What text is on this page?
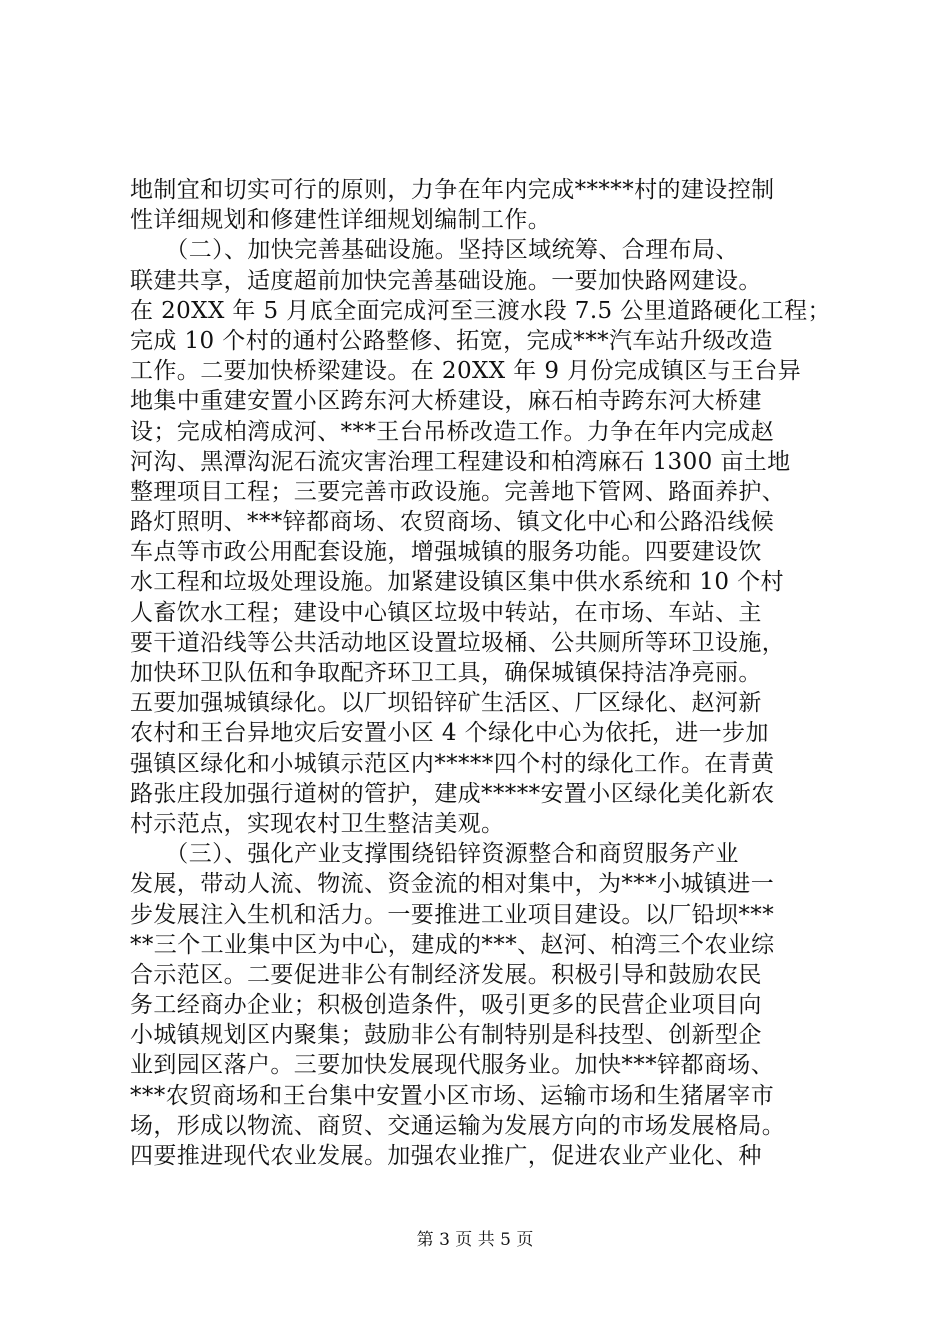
地制宜和切实可行的原则，力争在年内完成*****村的建设控制
性详细规划和修建性详细规划编制工作。
　　（二）、加快完善基础设施。坚持区域统筹、合理布局、
联建共享，适度超前加快完善基础设施。一要加快路网建设。
在 20XX 年 5 月底全面完成河至三渡水段 7.5 公里道路硬化工程；
完成 10 个村的通村公路整修、拓宽，完成***汽车站升级改造
工作。二要加快桥梁建设。在 20XX 年 9 月份完成镇区与王台异
地集中重建安置小区跨东河大桥建设，麻石柏寺跨东河大桥建
设；完成柏湾成河、***王台吊桥改造工作。力争在年内完成赵
河沟、黑潭沟泥石流灾害治理工程建设和柏湾麻石 1300 亩土地
整理项目工程；三要完善市政设施。完善地下管网、路面养护、
路灯照明、***锌都商场、农贸商场、镇文化中心和公路沿线候
车点等市政公用配套设施，增强城镇的服务功能。四要建设饮
水工程和垃圾处理设施。加紧建设镇区集中供水系统和 10 个村
人畜饮水工程；建设中心镇区垃圾中转站，在市场、车站、主
要干道沿线等公共活动地区设置垃圾桶、公共厕所等环卫设施，
加快环卫队伍和争取配齐环卫工具，确保城镇保持洁净亮丽。
五要加强城镇绿化。以厂坝铅锌矿生活区、厂区绿化、赵河新
农村和王台异地灾后安置小区 4 个绿化中心为依托，进一步加
强镇区绿化和小城镇示范区内*****四个村的绿化工作。在青黄
路张庄段加强行道树的管护，建成*****安置小区绿化美化新农
村示范点，实现农村卫生整洁美观。
　　（三）、强化产业支撑围绕铅锌资源整合和商贸服务产业
发展，带动人流、物流、资金流的相对集中，为***小城镇进一
步发展注入生机和活力。一要推进工业项目建设。以厂铅坝***
**三个工业集中区为中心，建成的***、赵河、柏湾三个农业综
合示范区。二要促进非公有制经济发展。积极引导和鼓励农民
务工经商办企业；积极创造条件，吸引更多的民营企业项目向
小城镇规划区内聚集；鼓励非公有制特别是科技型、创新型企
业到园区落户。三要加快发展现代服务业。加快***锌都商场、
***农贸商场和王台集中安置小区市场、运输市场和生猪屠宰市
场，形成以物流、商贸、交通运输为发展方向的市场发展格局。
四要推进现代农业发展。加强农业推广，促进农业产业化、种
第 3 页 共 5 页
